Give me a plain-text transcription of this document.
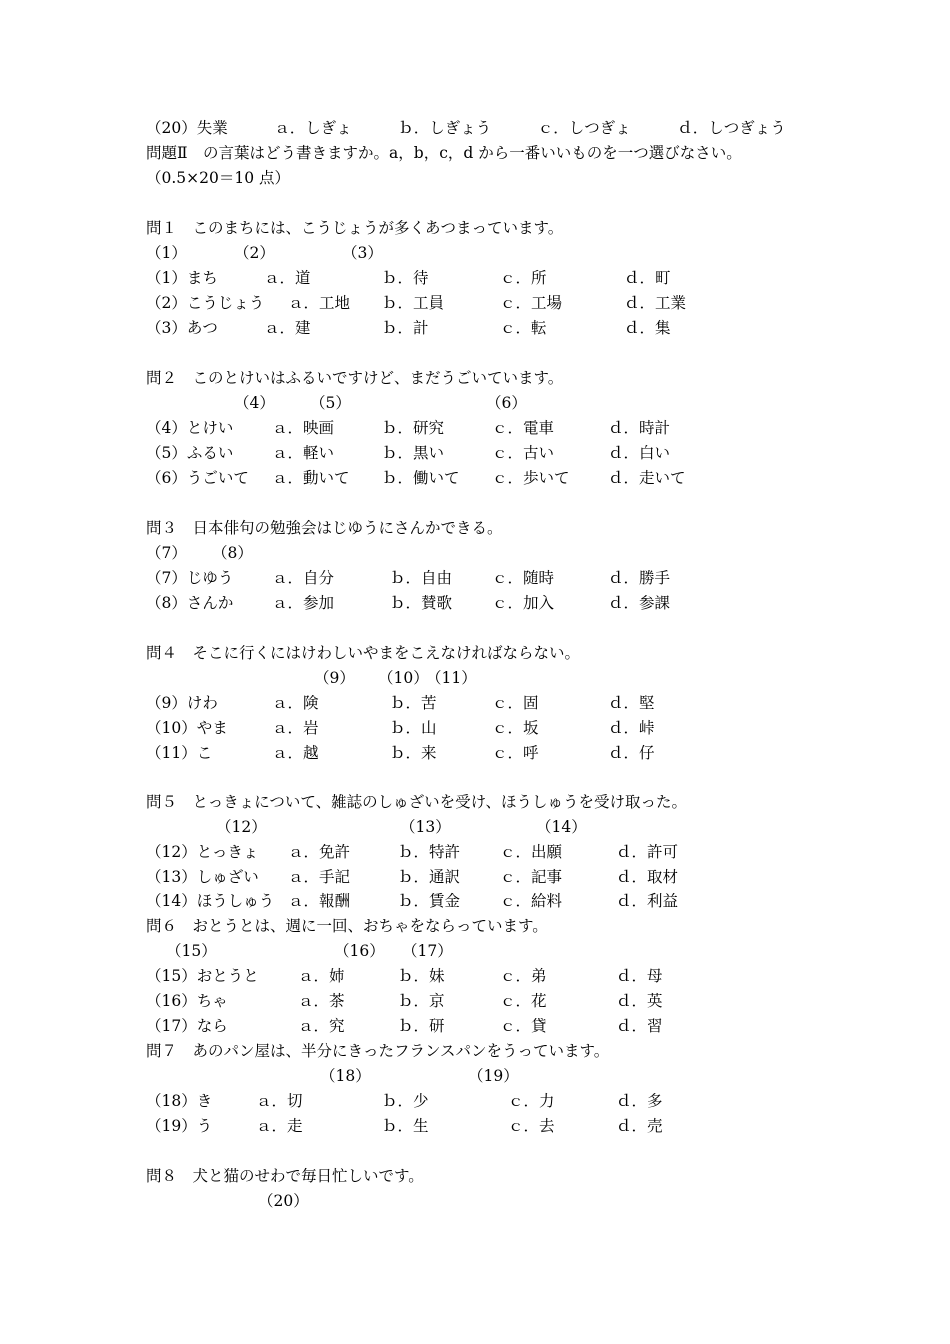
（20）失業　　　ａ．しぎょ　　　ｂ．しぎょう　　　ｃ．しつぎょ　　　ｄ．しつぎょう
問題Ⅱ　の言葉はどう書きますか。a，b，c，d から一番いいものを一つ選びなさい。
（0.5×20＝10 点）
問１　このまちには、こうじょうが多くあつまっています。
（1）	（2）	（3）
（1）まち	ａ．道	ｂ．待	ｃ．所	ｄ．町
（2）こうじょう ａ．工地 ｂ．工員	ｃ．工場	ｄ．工業
（3）あつ	ａ．建	ｂ．計	ｃ．転	ｄ．集
問２　このとけいはふるいですけど、まだうごいています。
（4） （5）	（6）
（4）とけい ａ．映画	ｂ．研究	ｃ．電車	ｄ．時計
（5）ふるい ａ．軽い	ｂ．黒い	ｃ．古い	ｄ．白い
（6）うごいて ａ．動いて ｂ．働いて ｃ．歩いて ｄ．走いて
問３　日本俳句の勉強会はじゆうにさんかできる。
（7） （8）
（7）じゆう ａ．自分	ｂ．自由	ｃ．随時	ｄ．勝手
（8）さんか ａ．参加	ｂ．賛歌	ｃ．加入	ｄ．参課
問４　そこに行くにはけわしいやまをこえなければならない。
（9） （10）
（11）
（9）けわ	ａ．険	ｂ．苦	ｃ．固	ｄ．堅
（10）やま	ａ．岩	ｂ．山	ｃ．坂	ｄ．峠
（11）こ	ａ．越	ｂ．来	ｃ．呼	ｄ．仔
問５　とっきょについて、雑誌のしゅざいを受け、ほうしゅうを受け取った。
（12）	（13）	（14）
（12）とっきょ ａ．免許	ｂ．特許	ｃ．出願	ｄ．許可
（13）しゅざい ａ．手記	ｂ．通訳	ｃ．記事	ｄ．取材
（14）ほうしゅう ａ．報酬	ｂ．賃金	ｃ．給料	ｄ．利益
問６　おとうとは、週に一回、おちゃをならっています。
（15）	（16） （17）
（15）おとうと	ａ．姉	ｂ．妹	ｃ．弟	ｄ．母
（16）ちゃ	ａ．茶	ｂ．京	ｃ．花	ｄ．英
（17）なら	ａ．究	ｂ．研	ｃ．貸	ｄ．習
問７　あのパン屋は、半分にきったフランスパンをうっています。
（18）	（19）
（18）き	ａ．切	ｂ．少	ｃ．力	ｄ．多
（19）う	ａ．走	ｂ．生	ｃ．去	ｄ．売
問８　犬と猫のせわで毎日忙しいです。
（20）
